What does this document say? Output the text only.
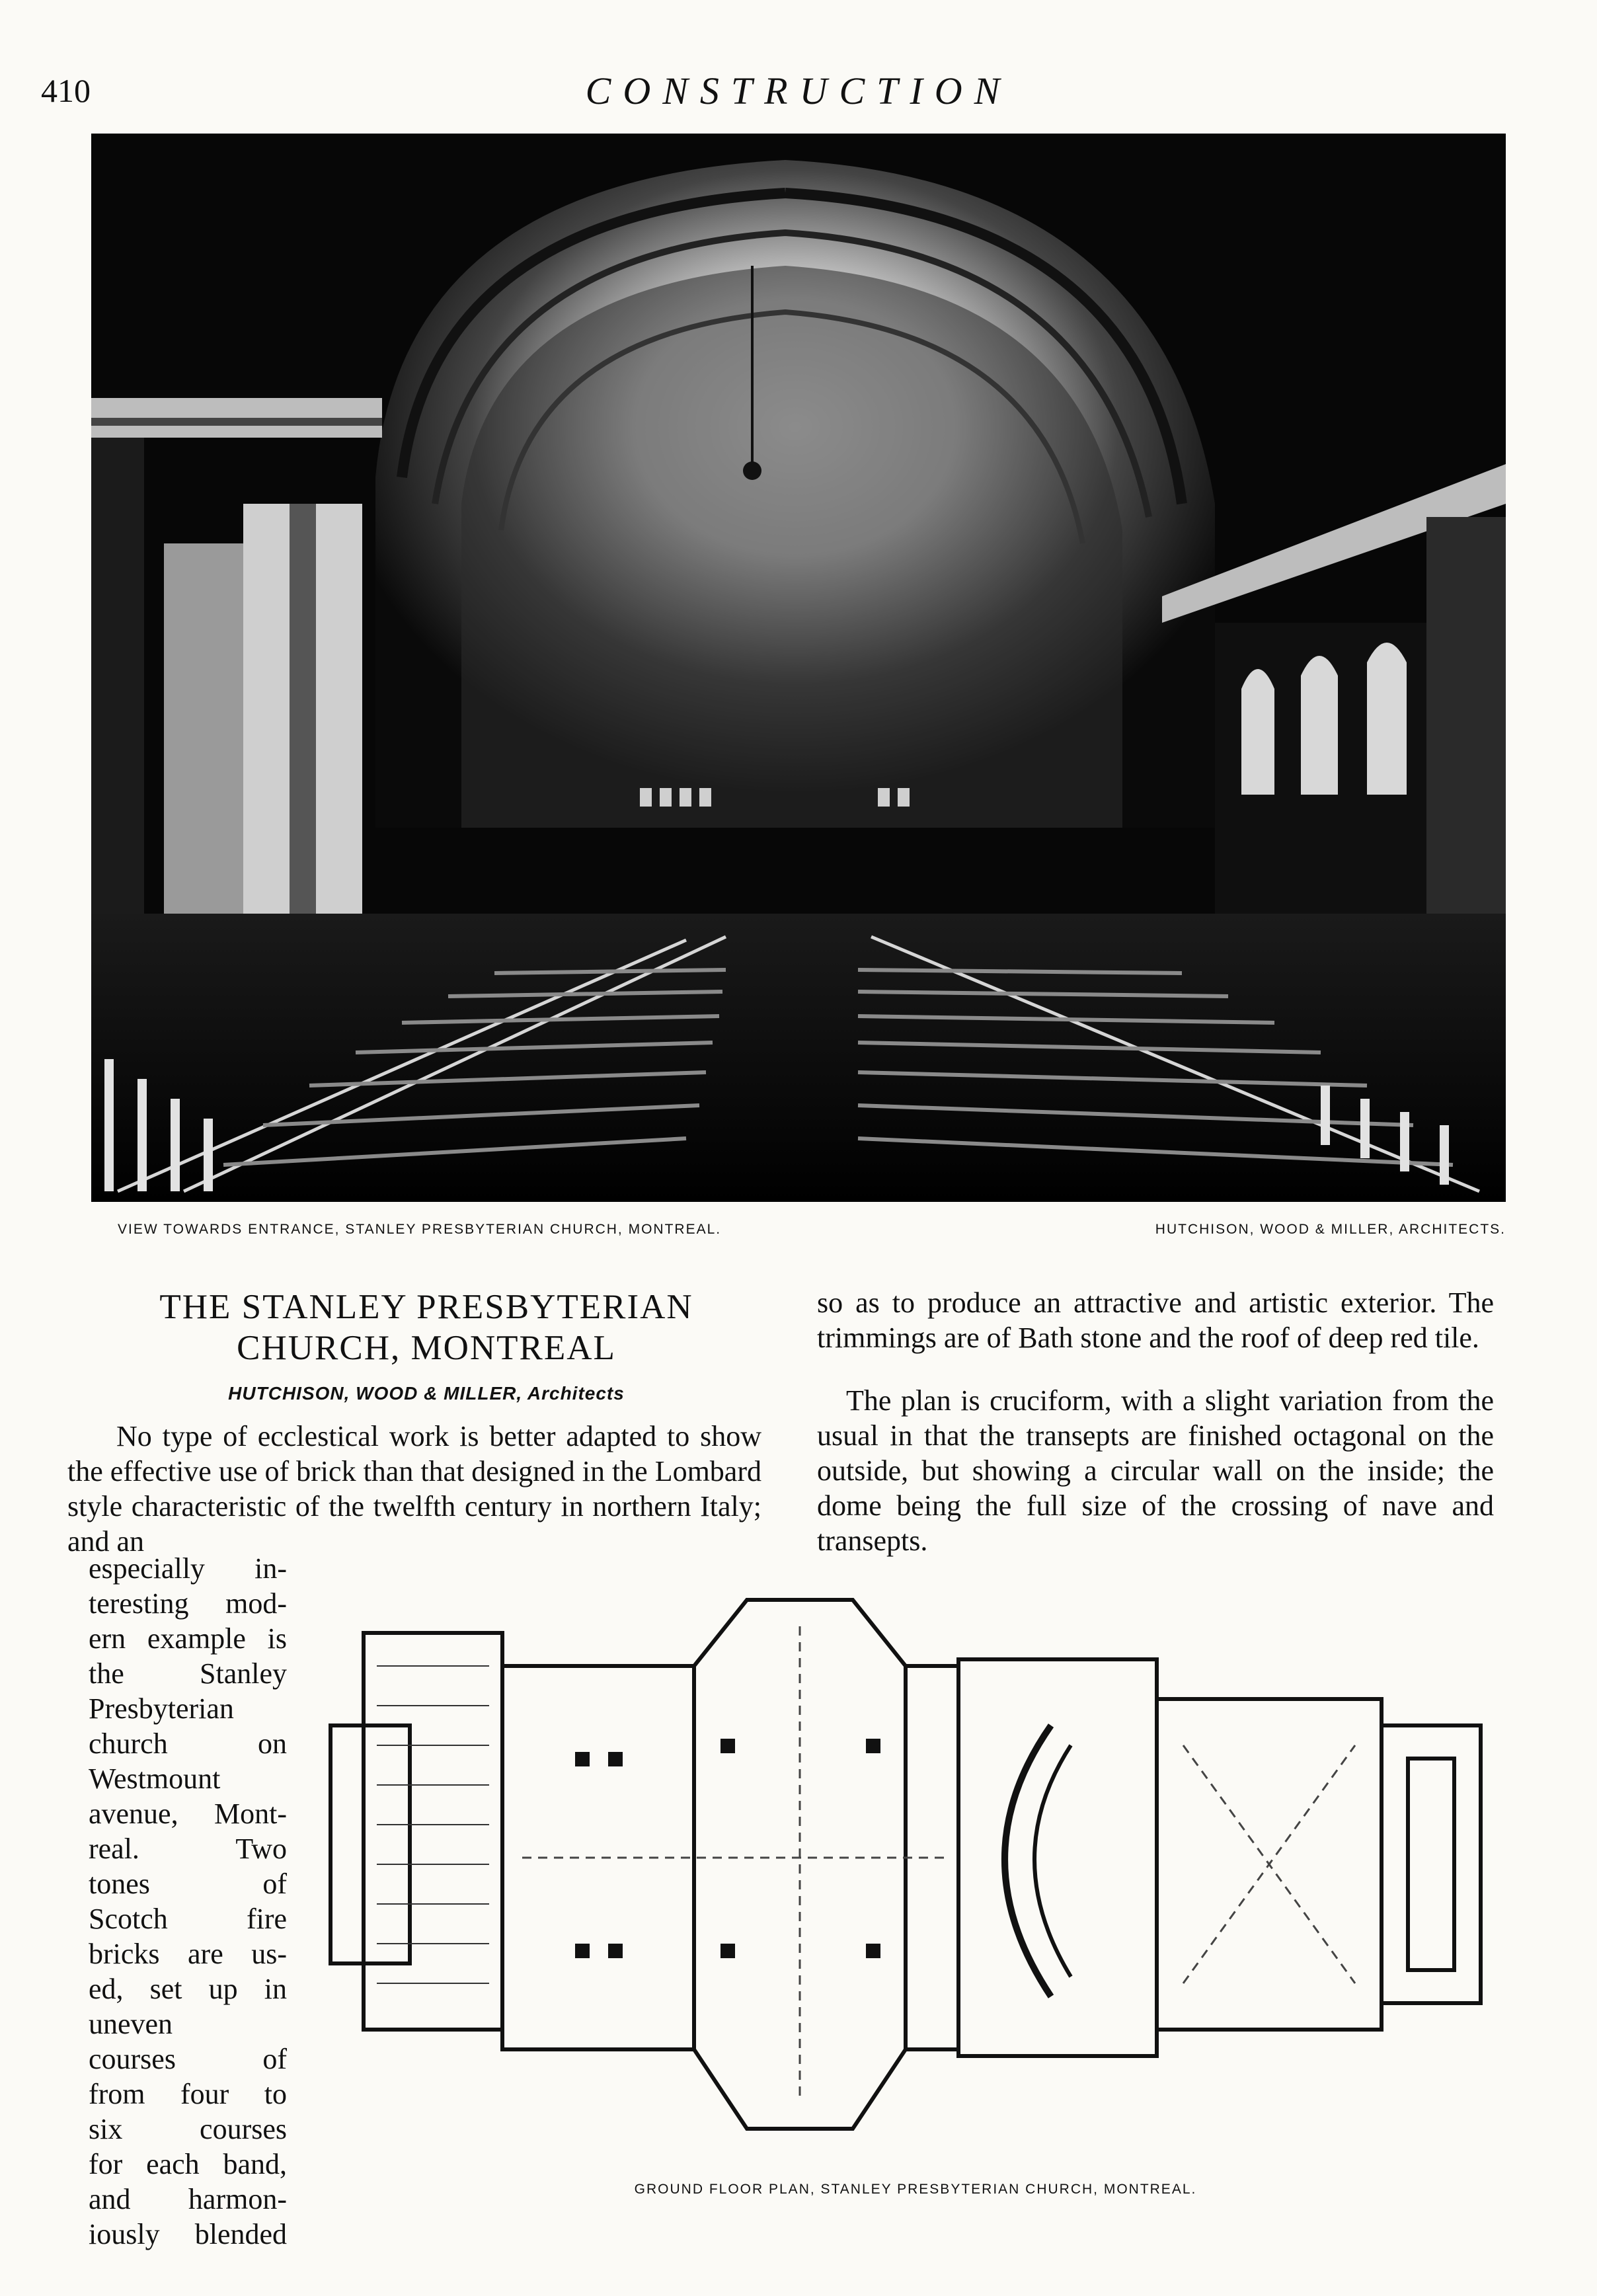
410	CONSTRUCTION
VIEW TOWARDS ENTRANCE, STANLEY PRESBYTERIAN CHURCH, MONTREAL.	HUTCHISON, WOOD & MILLER, ARCHITECTS.
THE STANLEY PRESBYTERIAN
CHURCH, MONTREAL
HUTCHISON, WOOD & MILLER, Architects
No type of ecclestical work is better adapted to show the effective use of brick than that designed in the Lombard style characteristic of the twelfth century in northern Italy; and an
especially in-
teresting mod-
ern example is
the Stanley
Presbyterian
church on
Westmount
avenue, Mont-
real. Two
tones of
Scotch fire
bricks are us-
ed, set up in
uneven
courses of
from four to
six courses
for each band,
and harmon-
iously blended
so as to produce an attractive and artistic exterior. The trimmings are of Bath stone and the roof of deep red tile.
The plan is cruciform, with a slight variation from the usual in that the transepts are finished octagonal on the outside, but showing a circular wall on the inside; the dome being the full size of the crossing of nave and transepts.
GROUND FLOOR PLAN, STANLEY PRESBYTERIAN CHURCH, MONTREAL.
